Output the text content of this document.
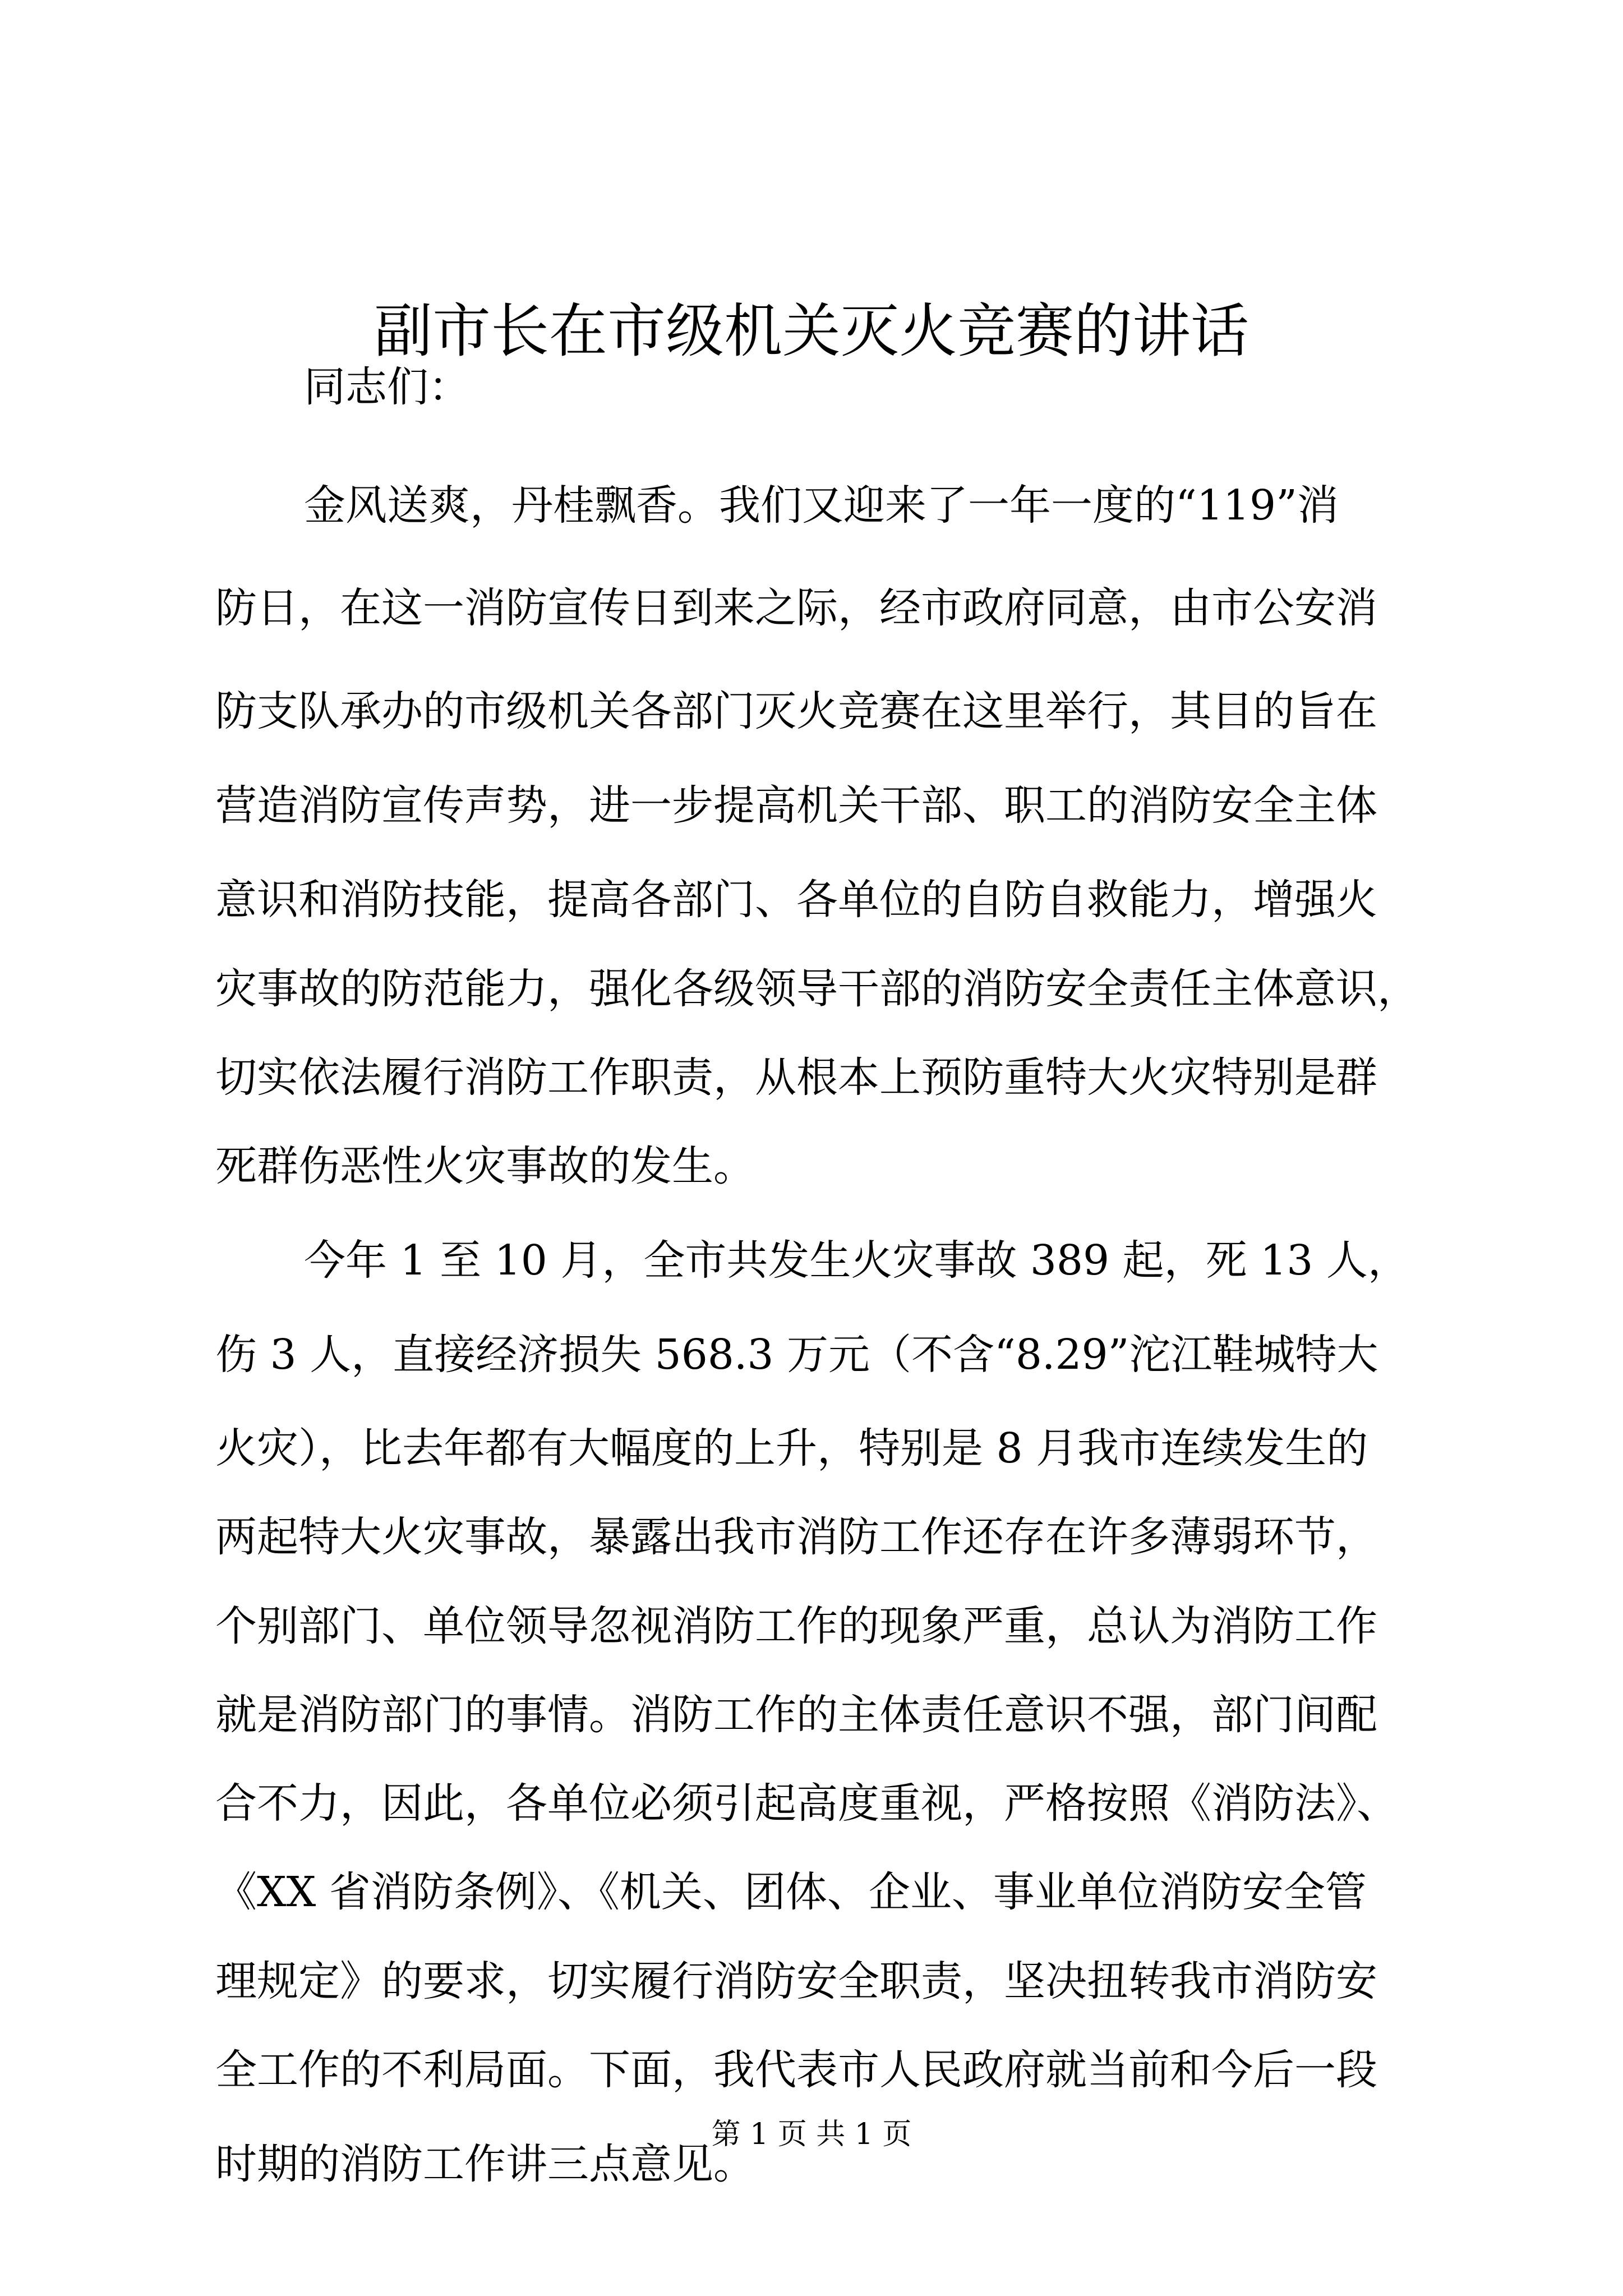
副市长在市级机关灭火竞赛的讲话
同志们：
金风送爽，丹桂飘香。我们又迎来了一年一度的“119”消
防日，在这一消防宣传日到来之际，经市政府同意，由市公安消
防支队承办的市级机关各部门灭火竞赛在这里举行，其目的旨在
营造消防宣传声势，进一步提高机关干部、职工的消防安全主体
意识和消防技能，提高各部门、各单位的自防自救能力，增强火
灾事故的防范能力，强化各级领导干部的消防安全责任主体意识，
切实依法履行消防工作职责，从根本上预防重特大火灾特别是群
死群伤恶性火灾事故的发生。
今年 1 至 10 月，全市共发生火灾事故 389 起，死 13 人，
伤 3 人，直接经济损失 568.3 万元（不含“8.29”沱江鞋城特大
火灾），比去年都有大幅度的上升，特别是 8 月我市连续发生的
两起特大火灾事故，暴露出我市消防工作还存在许多薄弱环节，
个别部门、单位领导忽视消防工作的现象严重，总认为消防工作
就是消防部门的事情。消防工作的主体责任意识不强，部门间配
合不力，因此，各单位必须引起高度重视，严格按照《消防法》、
《XX 省消防条例》、《机关、团体、企业、事业单位消防安全管
理规定》的要求，切实履行消防安全职责，坚决扭转我市消防安
全工作的不利局面。下面，我代表市人民政府就当前和今后一段
时期的消防工作讲三点意见。
第 1 页 共 1 页
